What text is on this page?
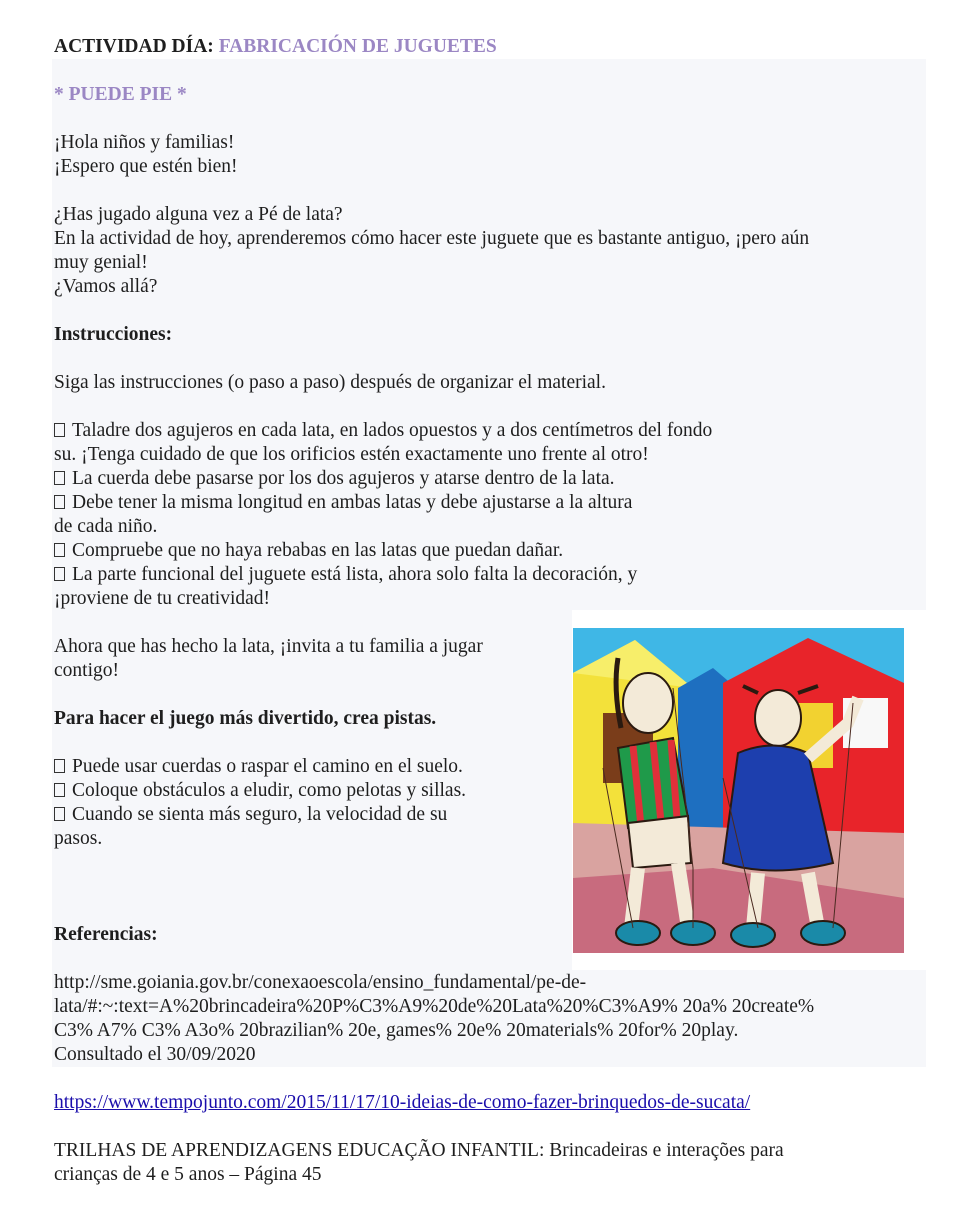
ACTIVIDAD DÍA: FABRICACIÓN DE JUGUETES
* PUEDE PIE *
¡Hola niños y familias!
¡Espero que estén bien!
¿Has jugado alguna vez a Pé de lata?
En la actividad de hoy, aprenderemos cómo hacer este juguete que es bastante antiguo, ¡pero aún
muy genial!
¿Vamos allá?
Instrucciones:
Siga las instrucciones (o paso a paso) después de organizar el material.
Taladre dos agujeros en cada lata, en lados opuestos y a dos centímetros del fondo
su. ¡Tenga cuidado de que los orificios estén exactamente uno frente al otro!
La cuerda debe pasarse por los dos agujeros y atarse dentro de la lata.
Debe tener la misma longitud en ambas latas y debe ajustarse a la altura
de cada niño.
Compruebe que no haya rebabas en las latas que puedan dañar.
La parte funcional del juguete está lista, ahora solo falta la decoración, y
¡proviene de tu creatividad!
Ahora que has hecho la lata, ¡invita a tu familia a jugar
contigo!
Para hacer el juego más divertido, crea pistas.
Puede usar cuerdas o raspar el camino en el suelo.
Coloque obstáculos a eludir, como pelotas y sillas.
Cuando se sienta más seguro, la velocidad de su
pasos.
Referencias:
http://sme.goiania.gov.br/conexaoescola/ensino_fundamental/pe-de-
lata/#:~:text=A%20brincadeira%20P%C3%A9%20de%20Lata%20%C3%A9% 20a% 20create%
C3% A7% C3% A3o% 20brazilian% 20e, games% 20e% 20materials% 20for% 20play.
Consultado el 30/09/2020
https://www.tempojunto.com/2015/11/17/10-ideias-de-como-fazer-brinquedos-de-sucata/
TRILHAS DE APRENDIZAGENS EDUCAÇÃO INFANTIL: Brincadeiras e interações para
crianças de 4 e 5 anos – Página 45
